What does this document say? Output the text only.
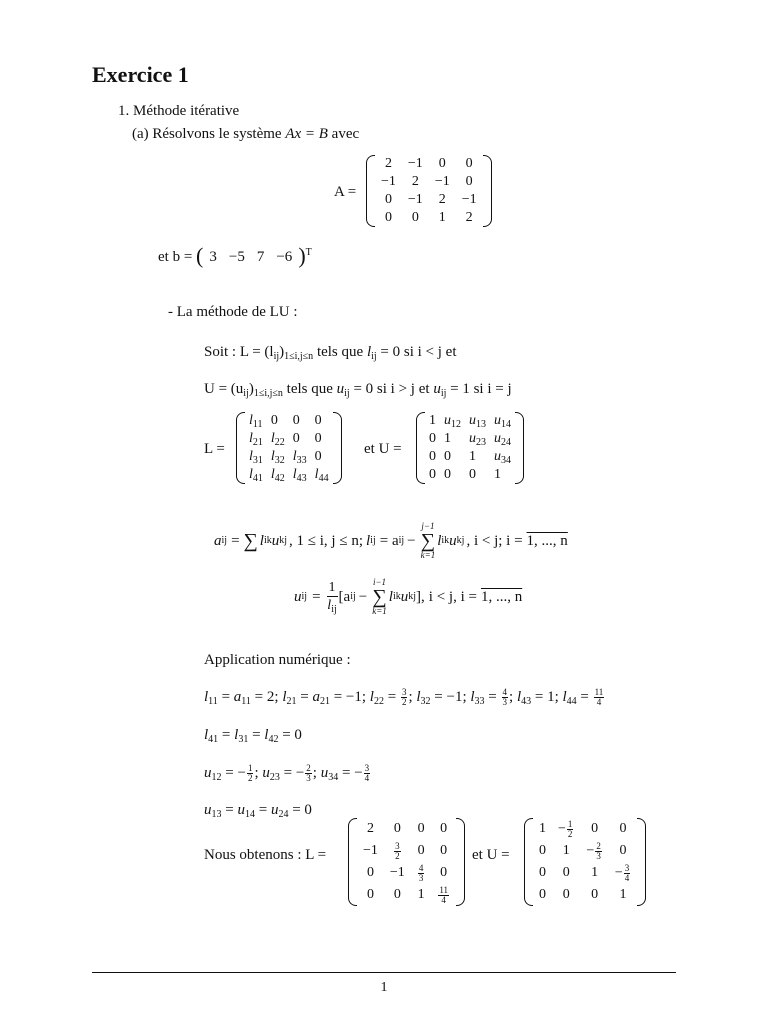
Exercice 1
1. Méthode itérative
(a) Résolvons le système Ax = B avec
A =
2	−1	0	0
−1	2	−1	0
0	−1	2	−1
0	0	1	2
et b = ( 3 −5 7 −6 )$^T$
- La méthode de LU :
Soit : $L = (l_{ij})_{1\le i,j\le n}$ tels que $l_{ij} = 0$ si i < j et
$U = (u_{ij})_{1\le i,j\le n}$ tels que $u_{ij} = 0$ si i > j et $u_{ij} = 1$ si i = j
L =
$l_{11}$	0	0	0
$l_{21}$	$l_{22}$	0	0
$l_{31}$	$l_{32}$	$l_{33}$	0
$l_{41}$	$l_{42}$	$l_{43}$	$l_{44}$
et U =
1	$u_{12}$	$u_{13}$	$u_{14}$
0	1	$u_{23}$	$u_{24}$
0	0	1	$u_{34}$
0	0	0	1
a ij = ∑ l ik u kj , 1 ≤ i, j ≤ n; l ij = a ij −
j−1
∑
k=1
l ik u kj , i < j; i = 1, ..., n
u ij = $\frac{1}{l_{ij}} [a$ ij −
i−1
∑
k=1
l ik u kj ], i < j, i = 1, ..., n
Application numérique :
$l_{11} = a_{11} = 2$; $l_{21} = a_{21} = -1$; $l_{22} = \frac{3}{2}$ ; $l_{32} = -1$; $l_{33} = \frac{4}{3}$ ; $l_{43} = 1$; $l_{44} = \frac{11}{4}$
$l_{41} = l_{31} = l_{42} = 0$
$u_{12}$ = − $\frac{1}{2}$ ; $u_{23}$ = − $\frac{2}{3}$ ; $u_{34}$ = − $\frac{3}{4}$
$u_{13} = u_{14} = u_{24} = 0$
Nous obtenons : L =
2	0	0	0
−1	$\frac{3}{2}$	0	0
0	−1	$\frac{4}{3}$	0
0	0	1	$\frac{11}{4}$
et U =
1	− $\frac{1}{2}$	0	0
0	1	− $\frac{2}{3}$	0
0	0	1	− $\frac{3}{4}$

0	0	0	1
1
